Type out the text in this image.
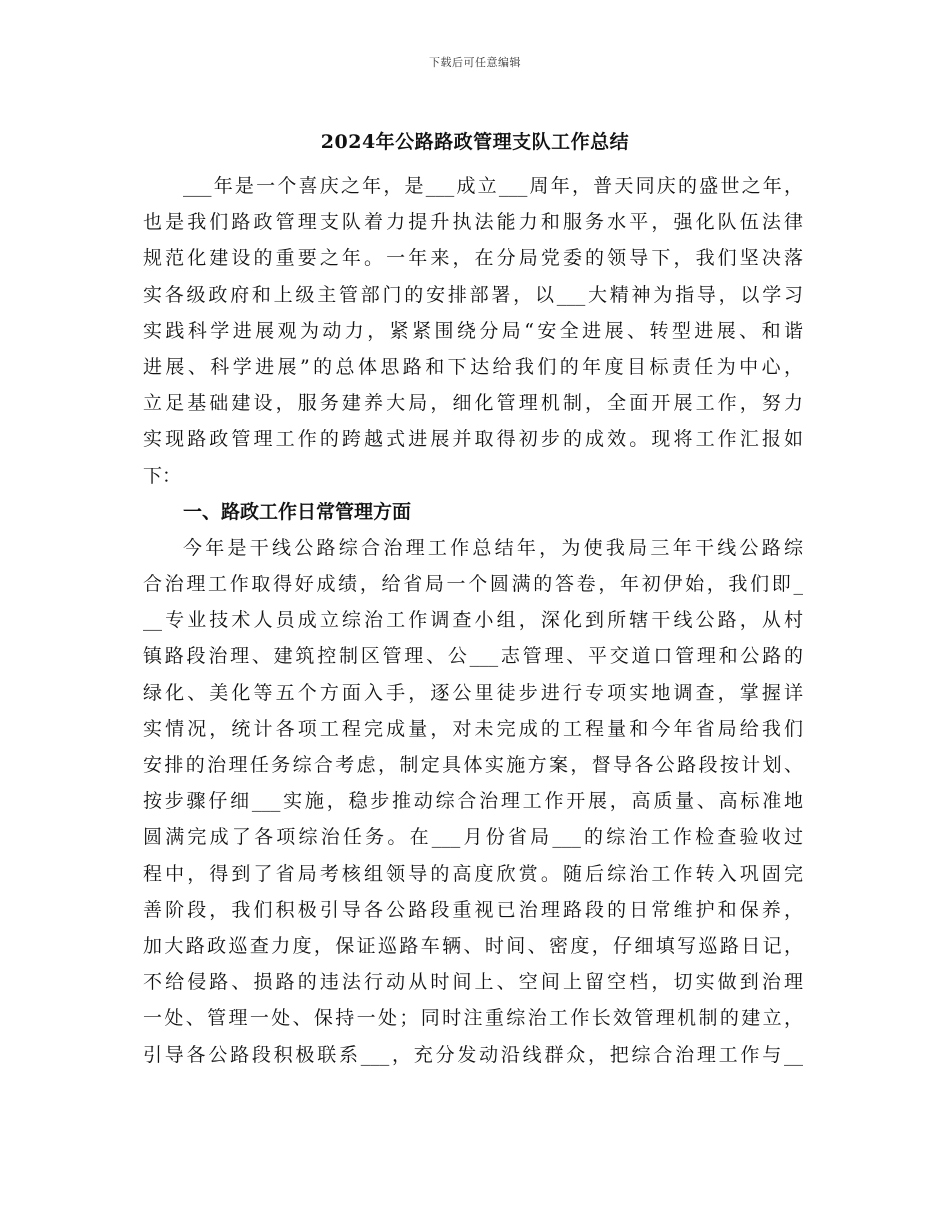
下载后可任意编辑
2024年公路路政管理支队工作总结
___年是一个喜庆之年，是___成立___周年，普天同庆的盛世之年，
也是我们路政管理支队着力提升执法能力和服务水平，强化队伍法律
规范化建设的重要之年。一年来，在分局党委的领导下，我们坚决落
实各级政府和上级主管部门的安排部署，以___大精神为指导，以学习
实践科学进展观为动力，紧紧围绕分局“安全进展、转型进展、和谐
进展、科学进展”的总体思路和下达给我们的年度目标责任为中心，
立足基础建设，服务建养大局，细化管理机制，全面开展工作，努力
实现路政管理工作的跨越式进展并取得初步的成效。现将工作汇报如
下：
一、路政工作日常管理方面
今年是干线公路综合治理工作总结年，为使我局三年干线公路综
合治理工作取得好成绩，给省局一个圆满的答卷，年初伊始，我们即_
__专业技术人员成立综治工作调查小组，深化到所辖干线公路，从村
镇路段治理、建筑控制区管理、公___志管理、平交道口管理和公路的
绿化、美化等五个方面入手，逐公里徒步进行专项实地调查，掌握详
实情况，统计各项工程完成量，对未完成的工程量和今年省局给我们
安排的治理任务综合考虑，制定具体实施方案，督导各公路段按计划、
按步骤仔细___实施，稳步推动综合治理工作开展，高质量、高标准地
圆满完成了各项综治任务。在___月份省局___的综治工作检查验收过
程中，得到了省局考核组领导的高度欣赏。随后综治工作转入巩固完
善阶段，我们积极引导各公路段重视已治理路段的日常维护和保养，
加大路政巡查力度，保证巡路车辆、时间、密度，仔细填写巡路日记，
不给侵路、损路的违法行动从时间上、空间上留空档，切实做到治理
一处、管理一处、保持一处；同时注重综治工作长效管理机制的建立，
引导各公路段积极联系___，充分发动沿线群众，把综合治理工作与__
